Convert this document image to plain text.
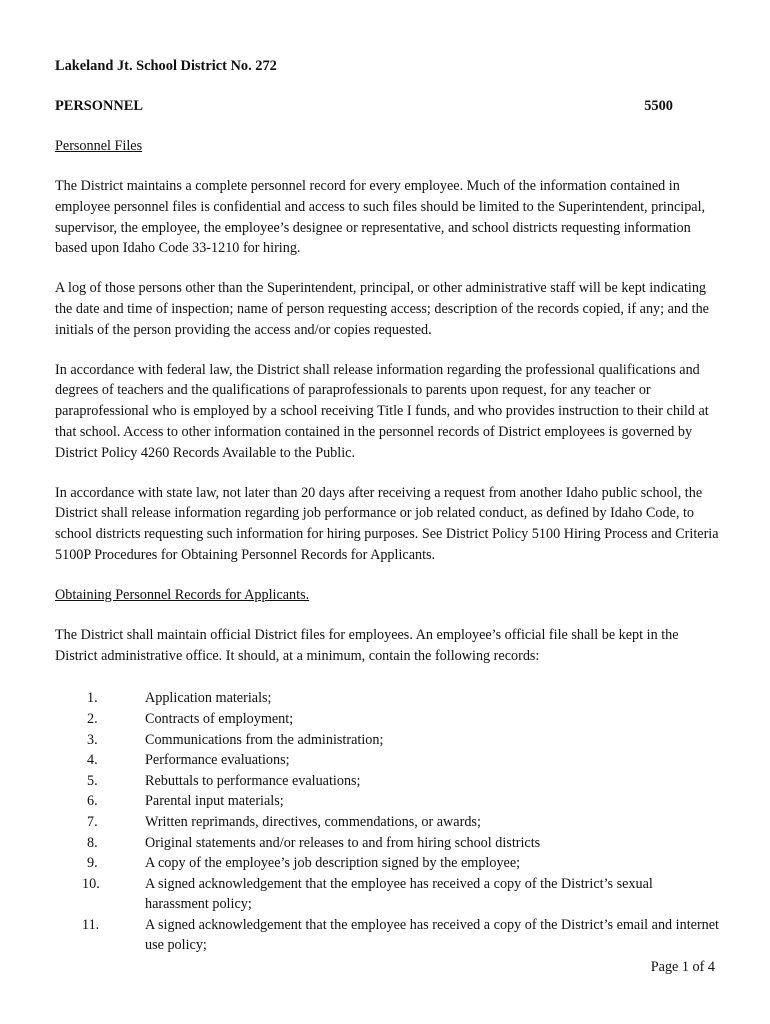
Lakeland Jt. School District No. 272
PERSONNEL	5500
Personnel Files
The District maintains a complete personnel record for every employee. Much of the information contained in employee personnel files is confidential and access to such files should be limited to the Superintendent, principal, supervisor, the employee, the employee’s designee or representative, and school districts requesting information based upon Idaho Code 33-1210 for hiring.
A log of those persons other than the Superintendent, principal, or other administrative staff will be kept indicating the date and time of inspection; name of person requesting access; description of the records copied, if any; and the initials of the person providing the access and/or copies requested.
In accordance with federal law, the District shall release information regarding the professional qualifications and degrees of teachers and the qualifications of paraprofessionals to parents upon request, for any teacher or paraprofessional who is employed by a school receiving Title I funds, and who provides instruction to their child at that school. Access to other information contained in the personnel records of District employees is governed by District Policy 4260 Records Available to the Public.
In accordance with state law, not later than 20 days after receiving a request from another Idaho public school, the District shall release information regarding job performance or job related conduct, as defined by Idaho Code, to school districts requesting such information for hiring purposes. See District Policy 5100 Hiring Process and Criteria 5100P Procedures for Obtaining Personnel Records for Applicants.
Obtaining Personnel Records for Applicants.
The District shall maintain official District files for employees. An employee’s official file shall be kept in the District administrative office. It should, at a minimum, contain the following records:
1.	Application materials;
2.	Contracts of employment;
3.	Communications from the administration;
4.	Performance evaluations;
5.	Rebuttals to performance evaluations;
6.	Parental input materials;
7.	Written reprimands, directives, commendations, or awards;
8.	Original statements and/or releases to and from hiring school districts
9.	A copy of the employee’s job description signed by the employee;
10.	A signed acknowledgement that the employee has received a copy of the District’s sexual harassment policy;
11.	A signed acknowledgement that the employee has received a copy of the District’s email and internet use policy;
Page 1 of 4
